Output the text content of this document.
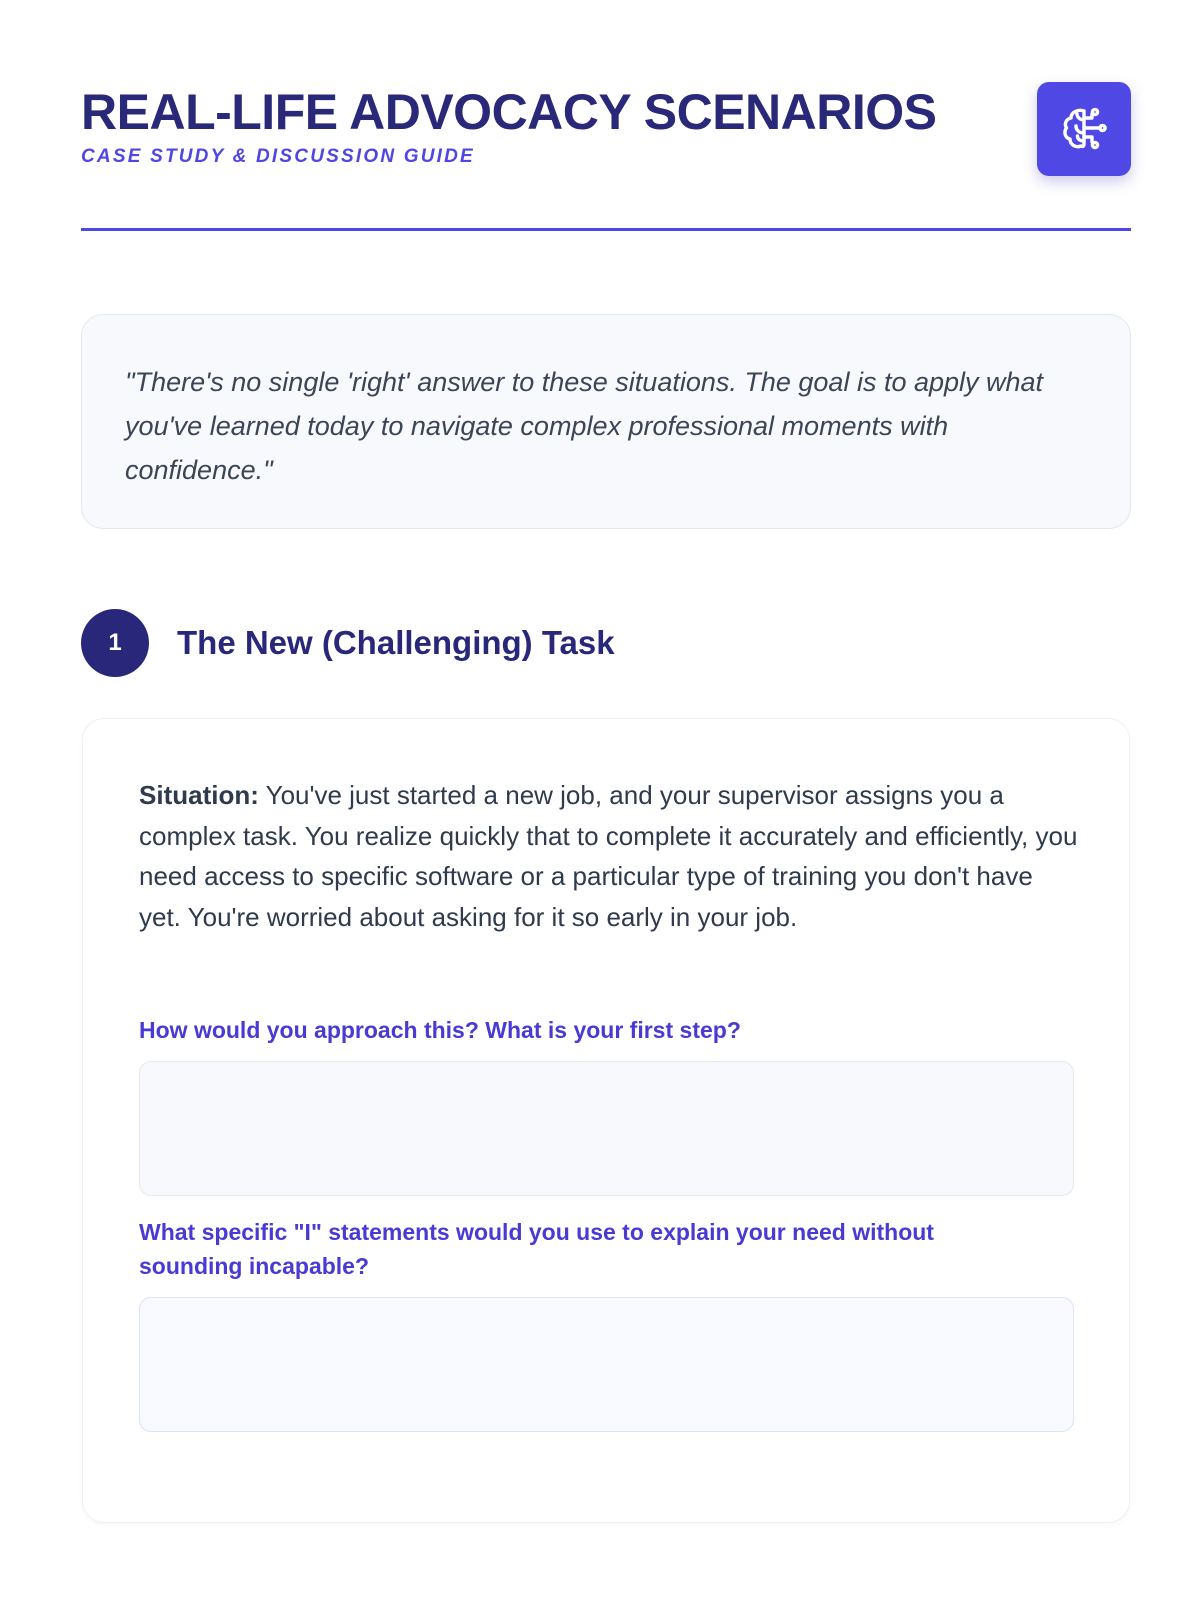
REAL-LIFE ADVOCACY SCENARIOS
CASE STUDY & DISCUSSION GUIDE

"There's no single 'right' answer to these situations. The goal is to apply what you've learned today to navigate complex professional moments with confidence."

1	The New (Challenging) Task

Situation: You've just started a new job, and your supervisor assigns you a complex task. You realize quickly that to complete it accurately and efficiently, you need access to specific software or a particular type of training you don't have yet. You're worried about asking for it so early in your job.

How would you approach this? What is your first step?
What specific "I" statements would you use to explain your need without sounding incapable?
